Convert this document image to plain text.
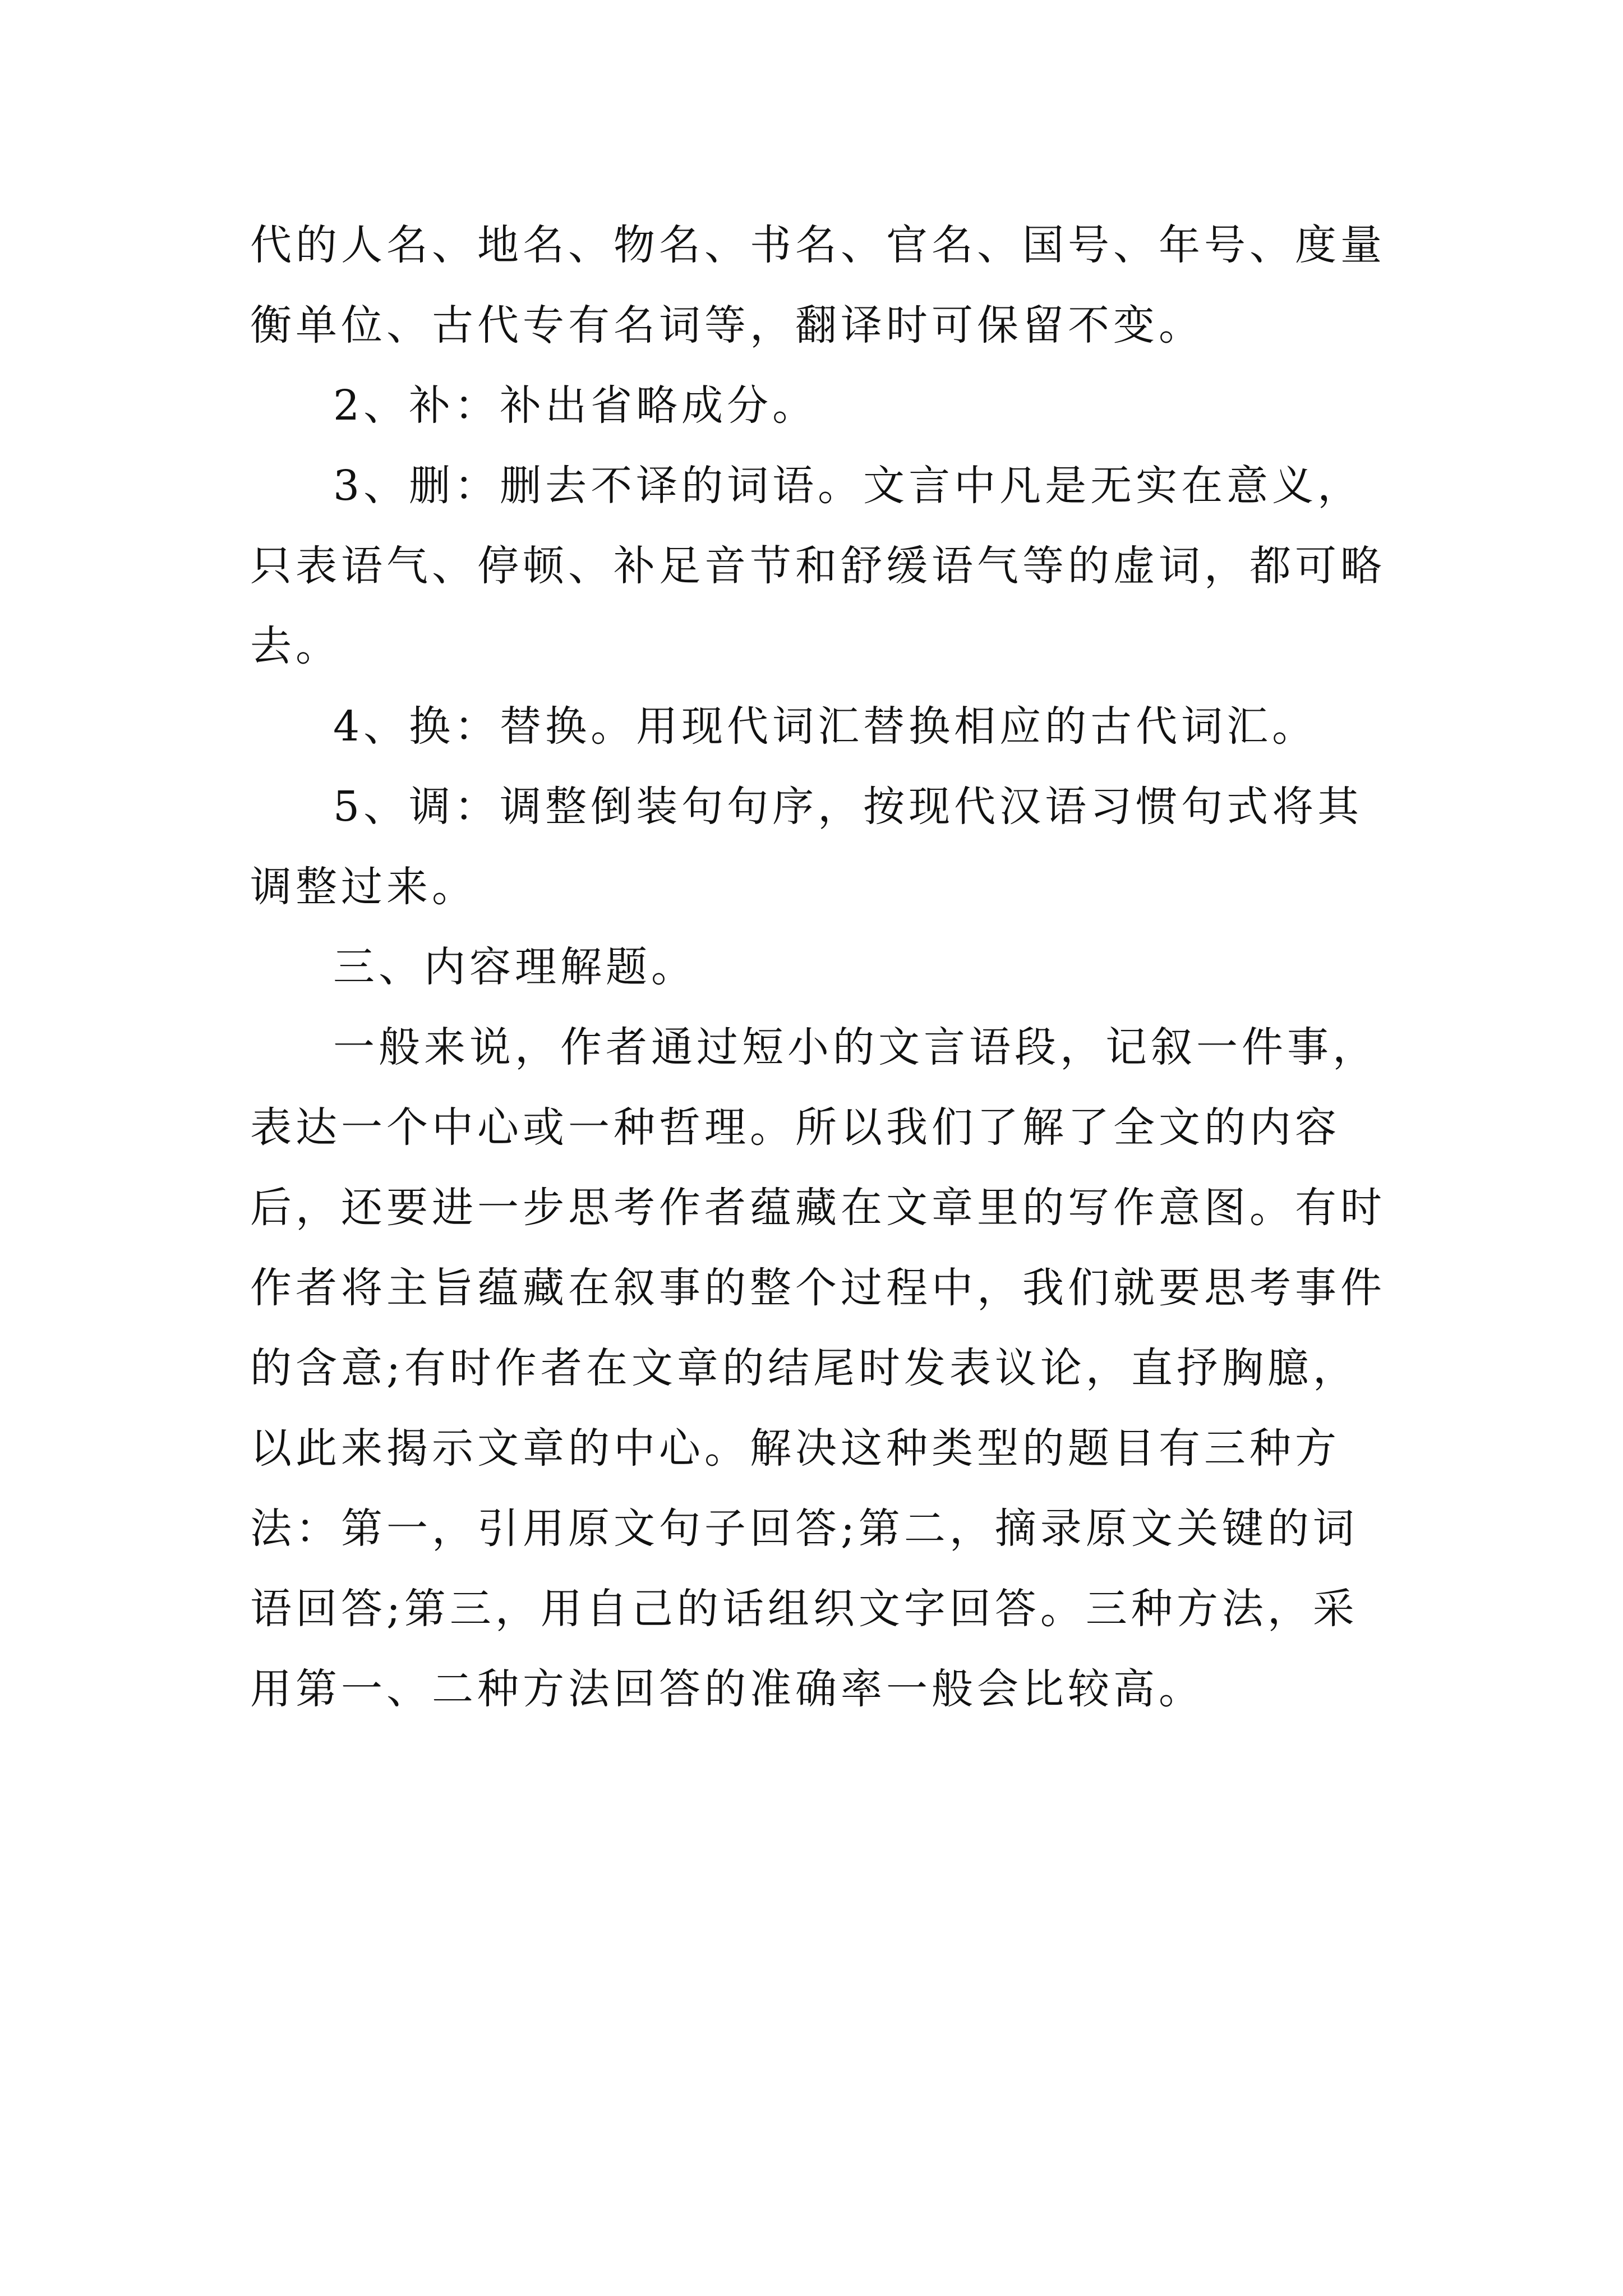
代的人名、地名、物名、书名、官名、国号、年号、度量衡单位、古代专有名词等，翻译时可保留不变。

2、补：补出省略成分。

3、删：删去不译的词语。文言中凡是无实在意义，只表语气、停顿、补足音节和舒缓语气等的虚词，都可略去。

4、换：替换。用现代词汇替换相应的古代词汇。

5、调：调整倒装句句序，按现代汉语习惯句式将其调整过来。

三、内容理解题。

一般来说，作者通过短小的文言语段，记叙一件事，表达一个中心或一种哲理。所以我们了解了全文的内容后，还要进一步思考作者蕴藏在文章里的写作意图。有时作者将主旨蕴藏在叙事的整个过程中，我们就要思考事件的含意;有时作者在文章的结尾时发表议论，直抒胸臆，以此来揭示文章的中心。解决这种类型的题目有三种方法：第一，引用原文句子回答;第二，摘录原文关键的词语回答;第三，用自己的话组织文字回答。三种方法，采用第一、二种方法回答的准确率一般会比较高。
